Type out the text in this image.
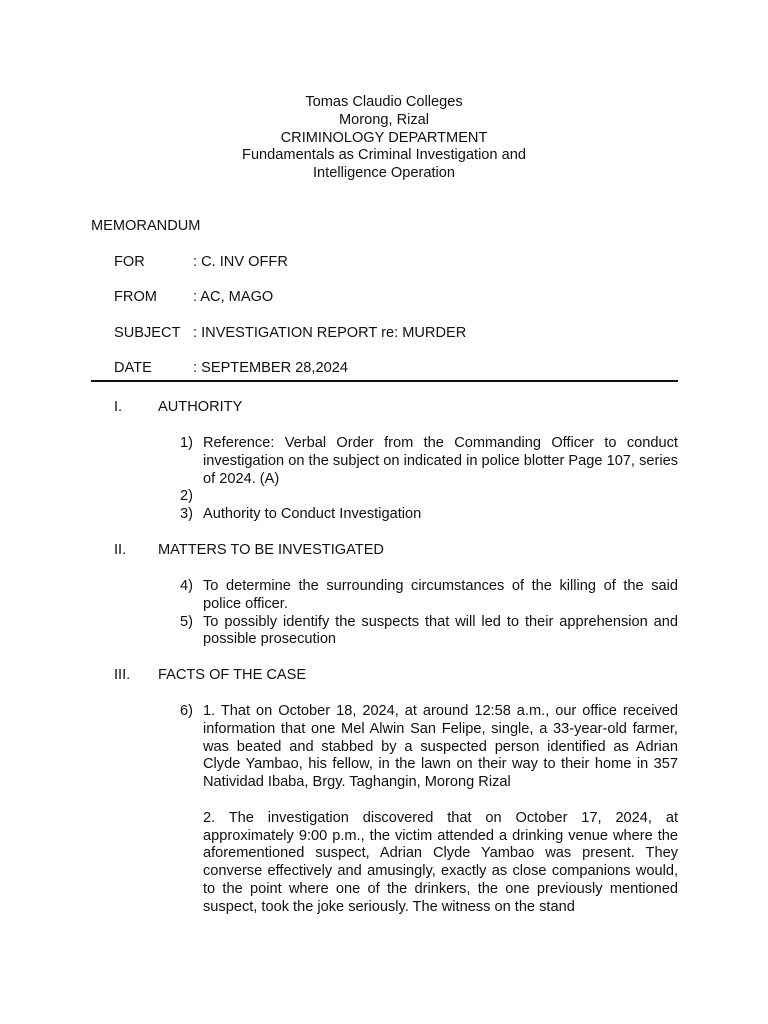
Tomas Claudio Colleges
Morong, Rizal
CRIMINOLOGY DEPARTMENT
Fundamentals as Criminal Investigation and
Intelligence Operation
MEMORANDUM
FOR	: C. INV OFFR
FROM : AC, MAGO
SUBJECT : INVESTIGATION REPORT re: MURDER
DATE	: SEPTEMBER 28,2024
I. AUTHORITY
1) Reference: Verbal Order from the Commanding Officer to conduct investigation on the subject on indicated in police blotter Page 107, series of 2024. (A)
2)
3) Authority to Conduct Investigation
II. MATTERS TO BE INVESTIGATED
4) To determine the surrounding circumstances of the killing of the said police officer.
5) To possibly identify the suspects that will led to their apprehension and possible prosecution
III. FACTS OF THE CASE
6) 1. That on October 18, 2024, at around 12:58 a.m., our office received information that one Mel Alwin San Felipe, single, a 33-year-old farmer, was beated and stabbed by a suspected person identified as Adrian Clyde Yambao, his fellow, in the lawn on their way to their home in 357 Natividad Ibaba, Brgy. Taghangin, Morong Rizal
2. The investigation discovered that on October 17, 2024, at approximately 9:00 p.m., the victim attended a drinking venue where the aforementioned suspect, Adrian Clyde Yambao was present. They converse effectively and amusingly, exactly as close companions would, to the point where one of the drinkers, the one previously mentioned suspect, took the joke seriously. The witness on the stand
